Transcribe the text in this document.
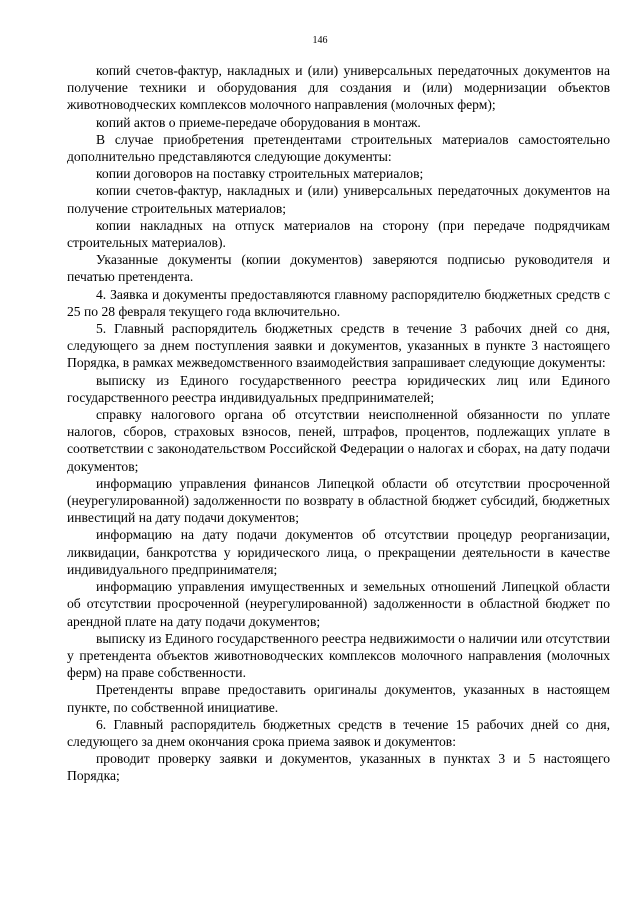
146

копий счетов-фактур, накладных и (или) универсальных передаточных документов на получение техники и оборудования для создания и (или) модернизации объектов животноводческих комплексов молочного направления (молочных ферм);

копий актов о приеме-передаче оборудования в монтаж.

В случае приобретения претендентами строительных материалов самостоятельно дополнительно представляются следующие документы:

копии договоров на поставку строительных материалов;

копии счетов-фактур, накладных и (или) универсальных передаточных документов на получение строительных материалов;

копии накладных на отпуск материалов на сторону (при передаче подрядчикам строительных материалов).

Указанные документы (копии документов) заверяются подписью руководителя и печатью претендента.

4. Заявка и документы предоставляются главному распорядителю бюджетных средств с 25 по 28 февраля текущего года включительно.

5. Главный распорядитель бюджетных средств в течение 3 рабочих дней со дня, следующего за днем поступления заявки и документов, указанных в пункте 3 настоящего Порядка, в рамках межведомственного взаимодействия запрашивает следующие документы:

выписку из Единого государственного реестра юридических лиц или Единого государственного реестра индивидуальных предпринимателей;

справку налогового органа об отсутствии неисполненной обязанности по уплате налогов, сборов, страховых взносов, пеней, штрафов, процентов, подлежащих уплате в соответствии с законодательством Российской Федерации о налогах и сборах, на дату подачи документов;

информацию управления финансов Липецкой области об отсутствии просроченной (неурегулированной) задолженности по возврату в областной бюджет субсидий, бюджетных инвестиций на дату подачи документов;

информацию на дату подачи документов об отсутствии процедур реорганизации, ликвидации, банкротства у юридического лица, о прекращении деятельности в качестве индивидуального предпринимателя;

информацию управления имущественных и земельных отношений Липецкой области об отсутствии просроченной (неурегулированной) задолженности в областной бюджет по арендной плате на дату подачи документов;

выписку из Единого государственного реестра недвижимости о наличии или отсутствии у претендента объектов животноводческих комплексов молочного направления (молочных ферм) на праве собственности.

Претенденты вправе предоставить оригиналы документов, указанных в настоящем пункте, по собственной инициативе.

6. Главный распорядитель бюджетных средств в течение 15 рабочих дней со дня, следующего за днем окончания срока приема заявок и документов:

проводит проверку заявки и документов, указанных в пунктах 3 и 5 настоящего Порядка;
